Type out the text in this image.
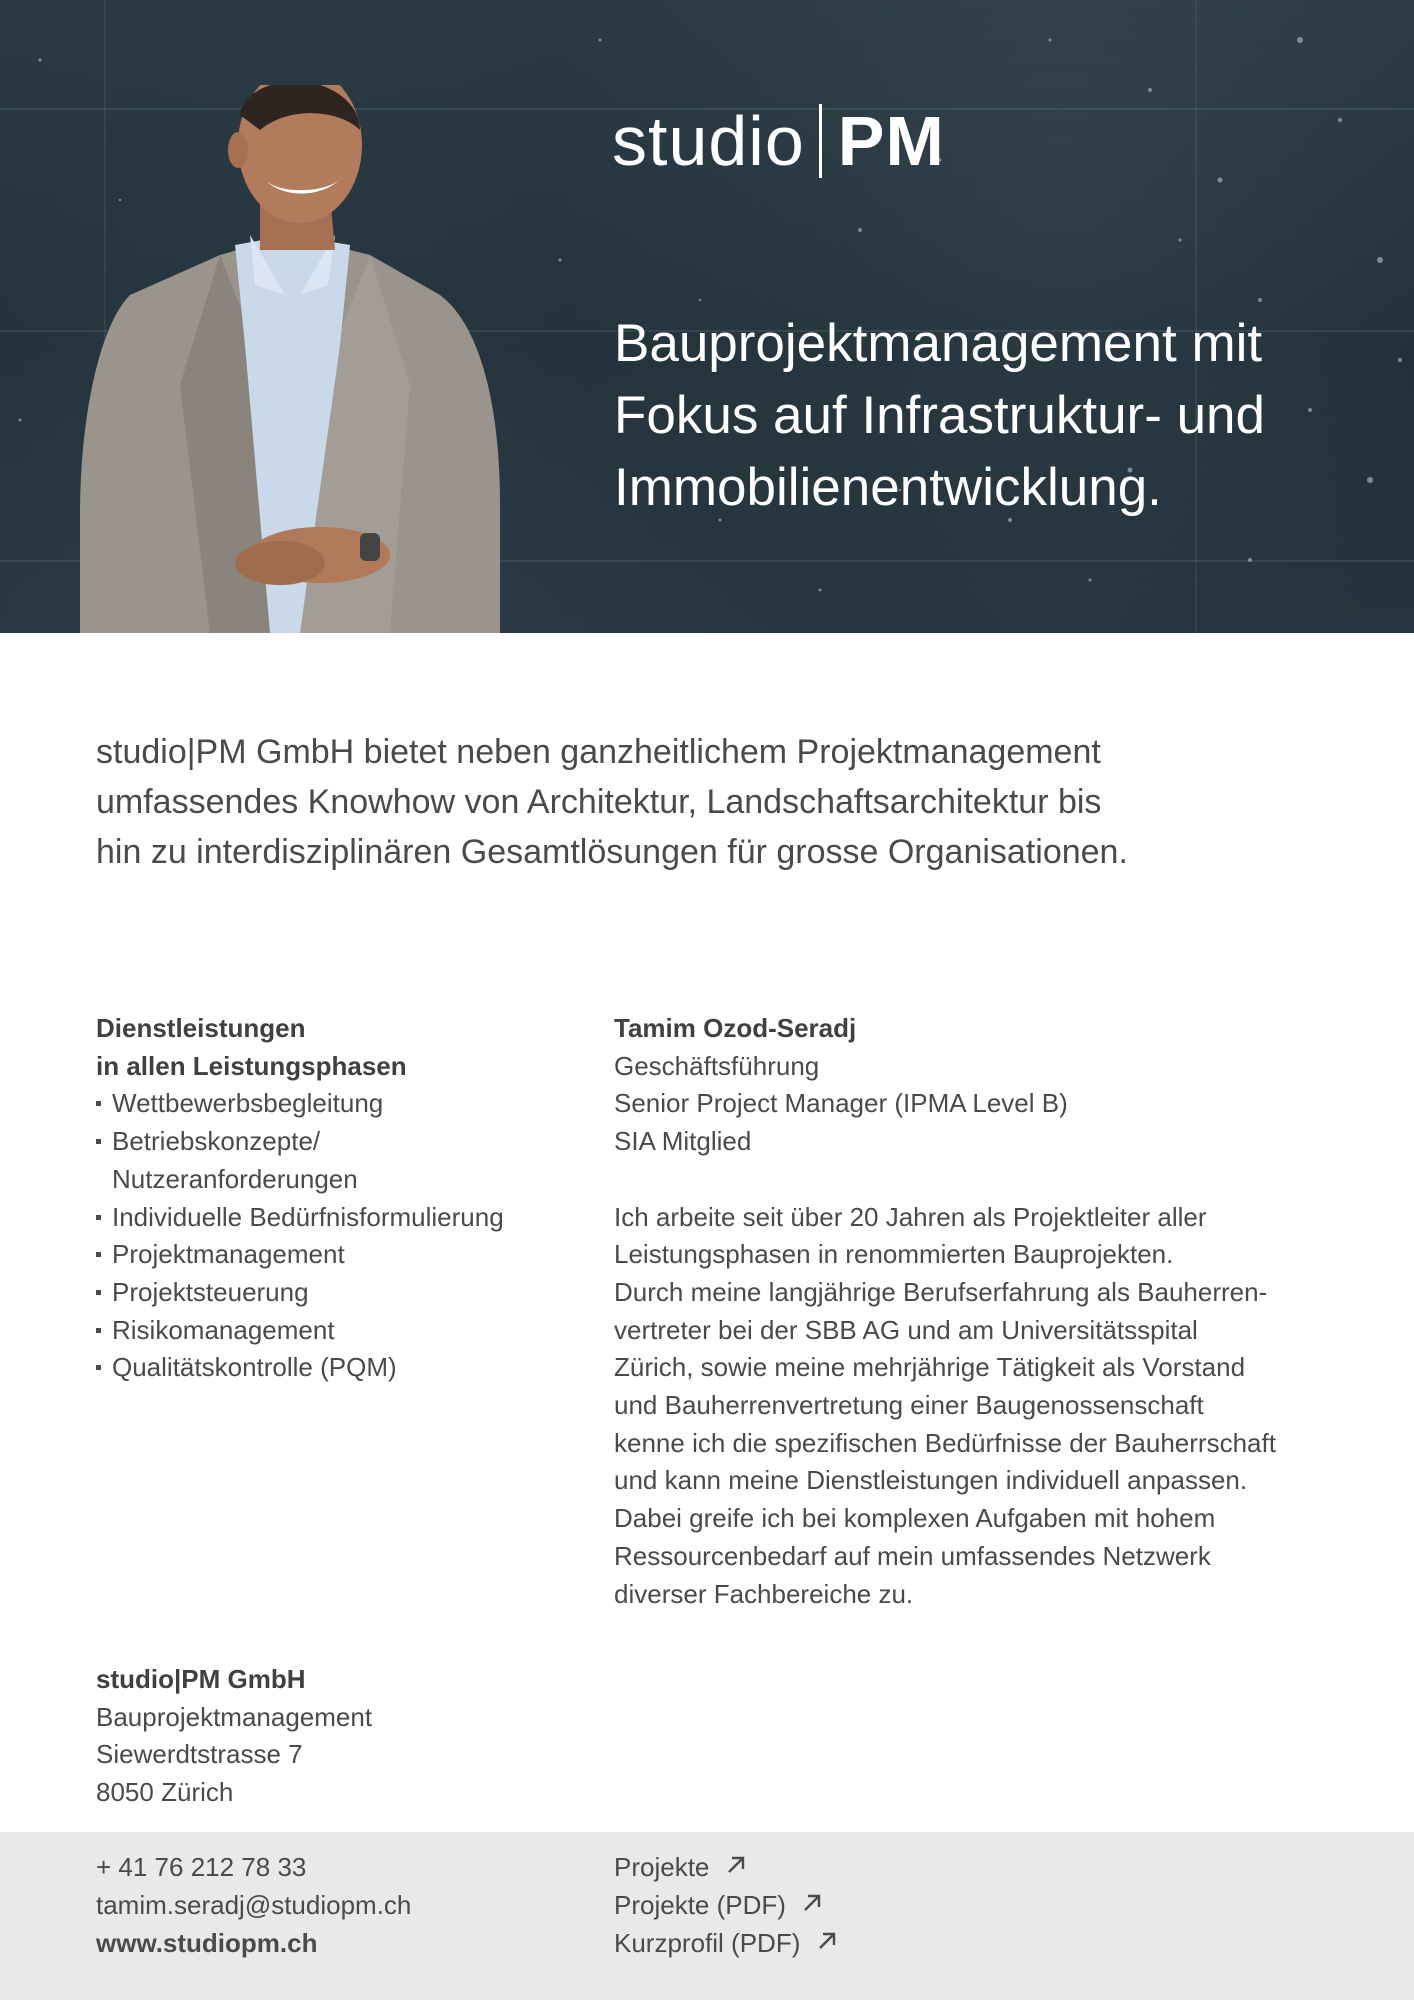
studio PM
Bauprojektmanagement mit
Fokus auf Infrastruktur- und
Immobilienentwicklung.
studio|PM GmbH bietet neben ganzheitlichem Projektmanagement
umfassendes Knowhow von Architektur, Landschaftsarchitektur bis
hin zu interdisziplinären Gesamtlösungen für grosse Organisationen.
Dienstleistungen
in allen Leistungsphasen
Wettbewerbsbegleitung
Betriebskonzepte/
Nutzeranforderungen
Individuelle Bedürfnisformulierung
Projektmanagement
Projektsteuerung
Risikomanagement
Qualitätskontrolle (PQM)
Tamim Ozod-Seradj
Geschäftsführung
Senior Project Manager (IPMA Level B)
SIA Mitglied
Ich arbeite seit über 20 Jahren als Projektleiter aller
Leistungsphasen in renommierten Bauprojekten.
Durch meine langjährige Berufserfahrung als Bauherren-
vertreter bei der SBB AG und am Universitätsspital
Zürich, sowie meine mehrjährige Tätigkeit als Vorstand
und Bauherrenvertretung einer Baugenossenschaft
kenne ich die spezifischen Bedürfnisse der Bauherrschaft
und kann meine Dienstleistungen individuell anpassen.
Dabei greife ich bei komplexen Aufgaben mit hohem
Ressourcenbedarf auf mein umfassendes Netzwerk
diverser Fachbereiche zu.
studio|PM GmbH
Bauprojektmanagement
Siewerdtstrasse 7
8050 Zürich
+ 41 76 212 78 33
tamim.seradj@studiopm.ch
www.studiopm.ch
Projekte
Projekte (PDF)
Kurzprofil (PDF)
